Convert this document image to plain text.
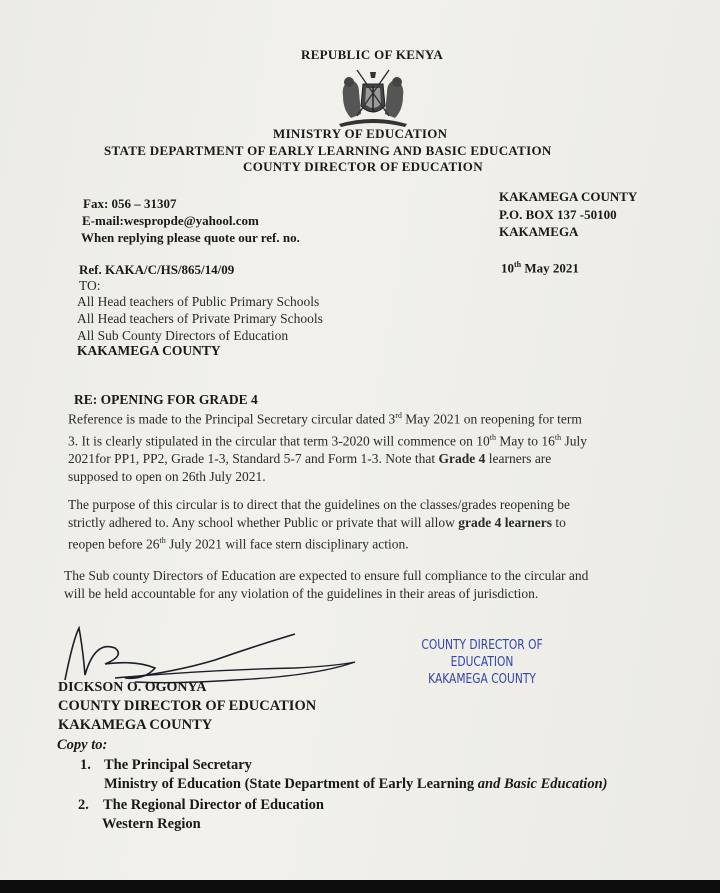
REPUBLIC OF KENYA
MINISTRY OF EDUCATION
STATE DEPARTMENT OF EARLY LEARNING AND BASIC EDUCATION
COUNTY DIRECTOR OF EDUCATION
Fax: 056 – 31307
E-mail:wespropde@yahool.com
When replying please quote our ref. no.
KAKAMEGA COUNTY
P.O. BOX 137 -50100
KAKAMEGA
Ref. KAKA/C/HS/865/14/09	10th May 2021
TO:
All Head teachers of Public Primary Schools
All Head teachers of Private Primary Schools
All Sub County Directors of Education
KAKAMEGA COUNTY
RE: OPENING FOR GRADE 4
Reference is made to the Principal Secretary circular dated 3rd May 2021 on reopening for term
3. It is clearly stipulated in the circular that term 3-2020 will commence on 10th May to 16th July
2021for PP1, PP2, Grade 1-3, Standard 5-7 and Form 1-3. Note that Grade 4 learners are
supposed to open on 26th July 2021.
The purpose of this circular is to direct that the guidelines on the classes/grades reopening be
strictly adhered to. Any school whether Public or private that will allow grade 4 learners to
reopen before 26th July 2021 will face stern disciplinary action.
The Sub county Directors of Education are expected to ensure full compliance to the circular and
will be held accountable for any violation of the guidelines in their areas of jurisdiction.
COUNTY DIRECTOR OF
EDUCATION
KAKAMEGA COUNTY
DICKSON O. OGONYA
COUNTY DIRECTOR OF EDUCATION
KAKAMEGA COUNTY
Copy to:
1. The Principal Secretary
Ministry of Education (State Department of Early Learning and Basic Education)
2. The Regional Director of Education
Western Region
